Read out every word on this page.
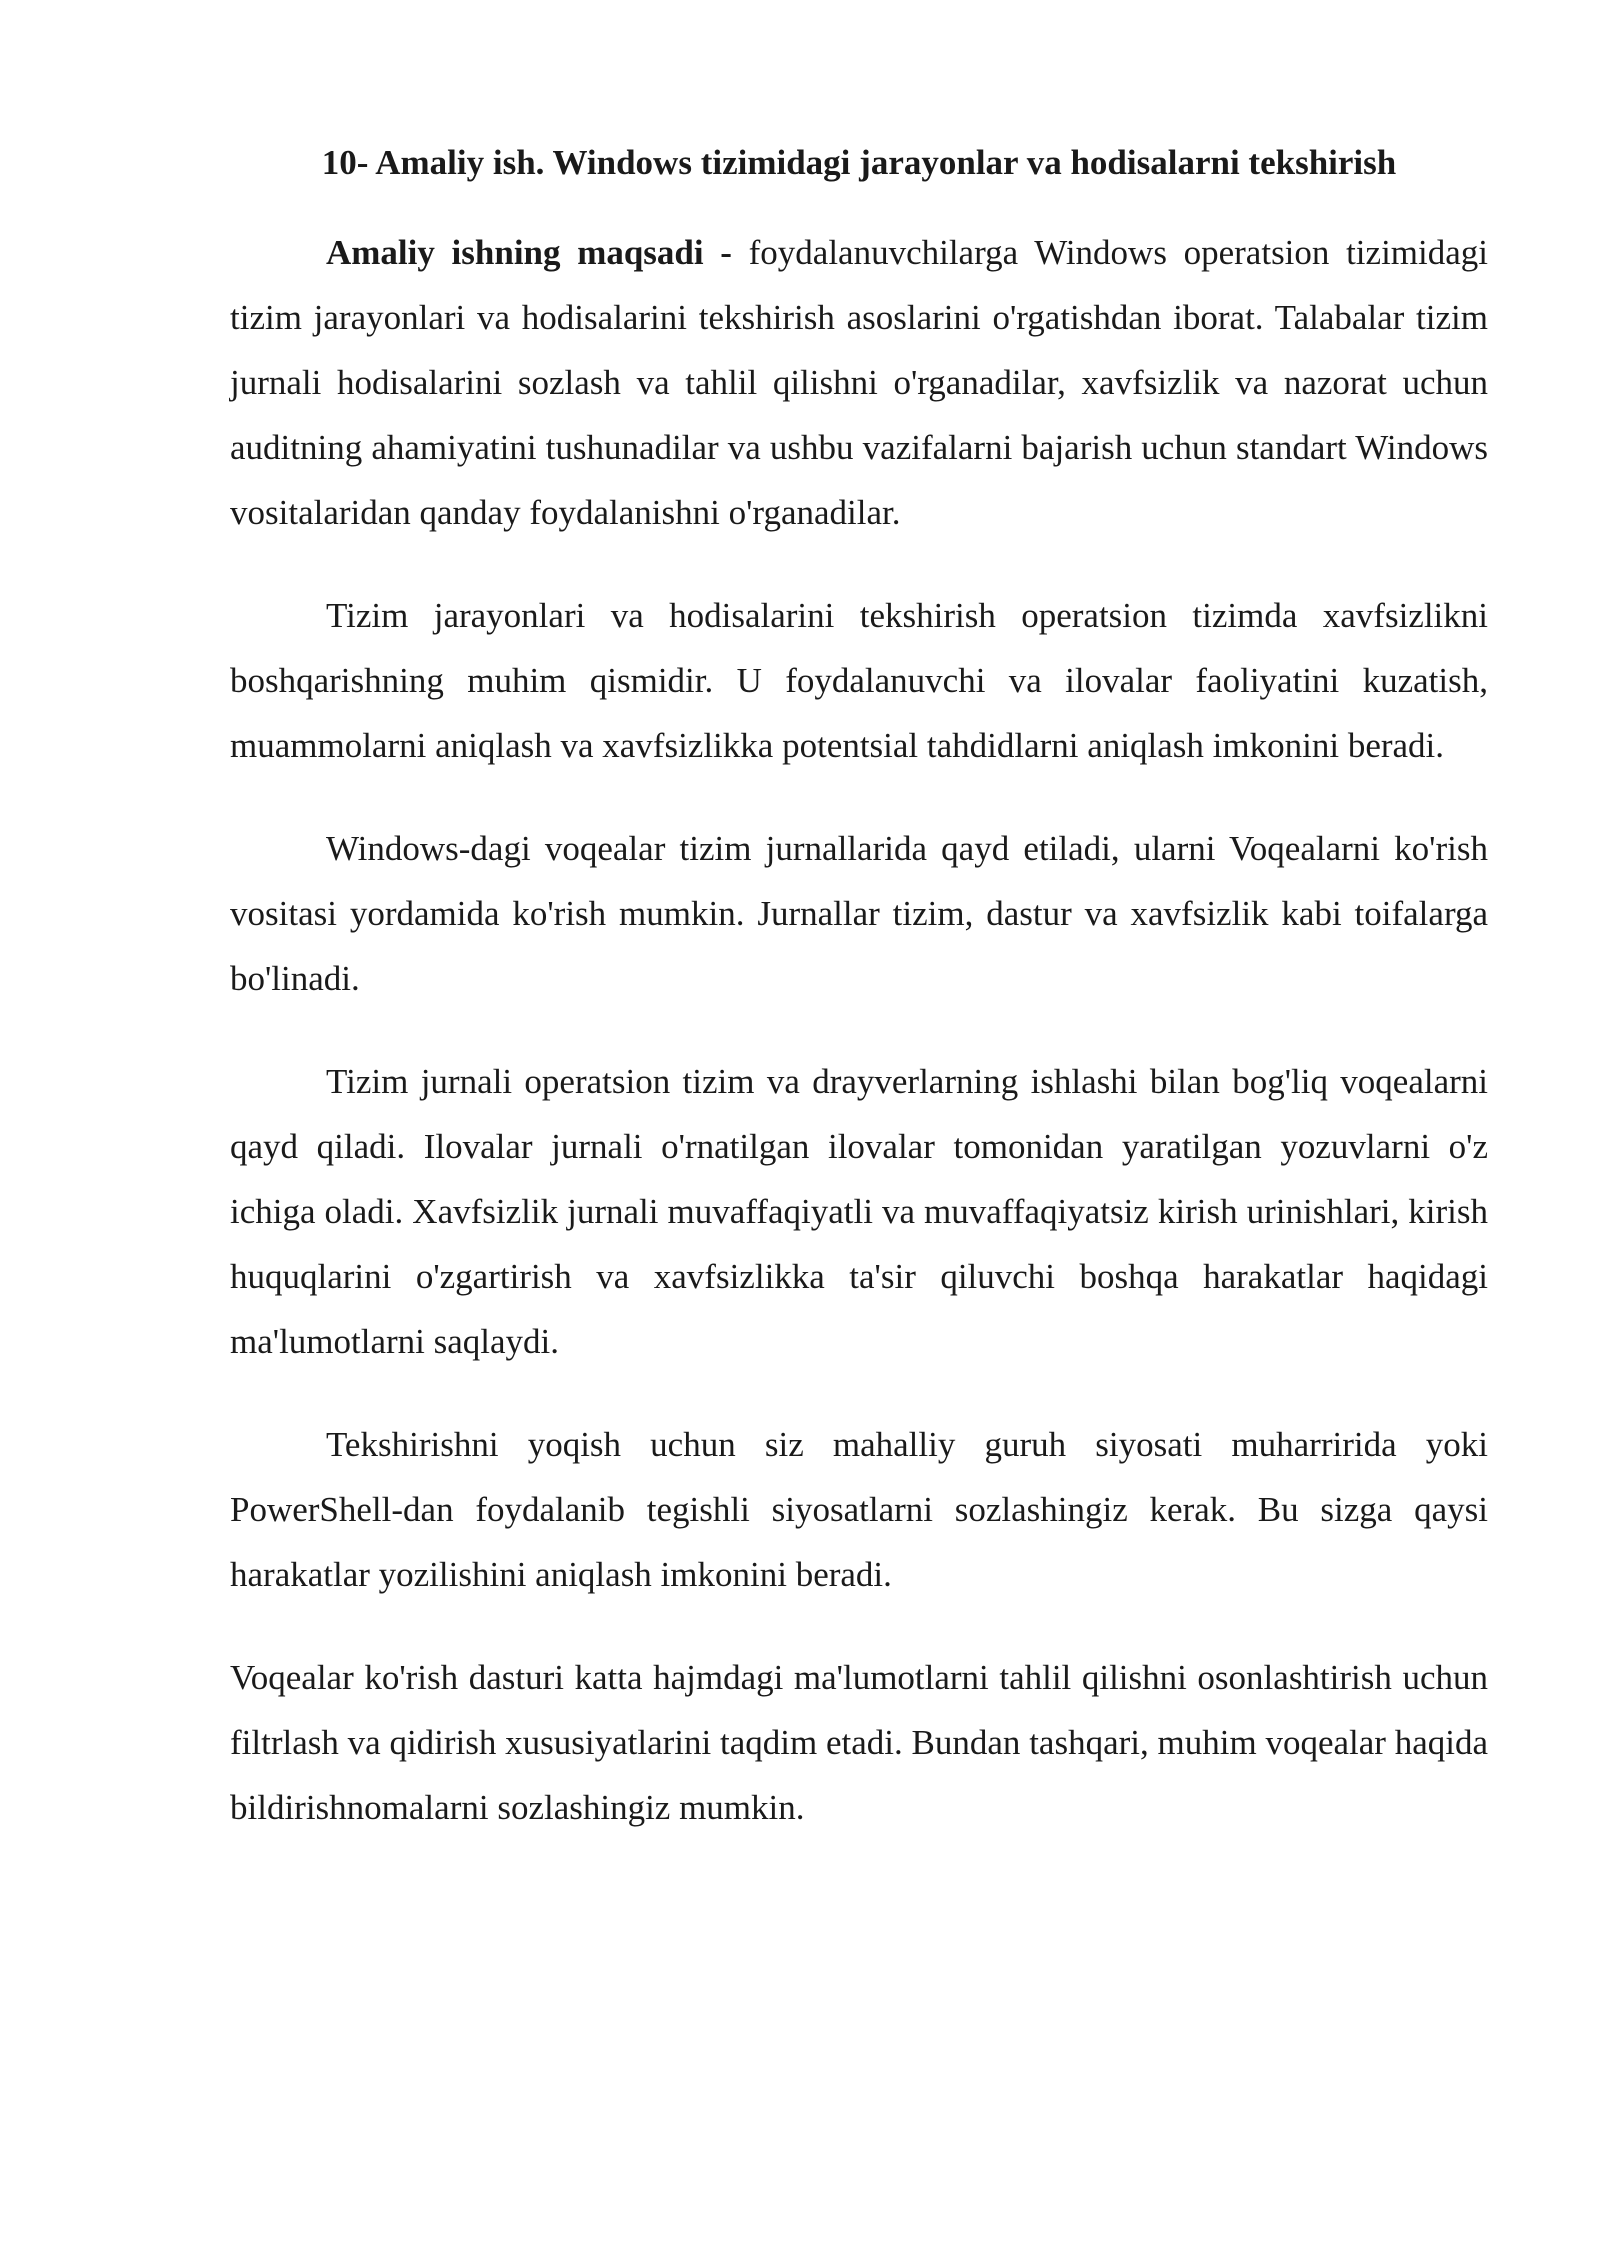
10- Amaliy ish. Windows tizimidagi jarayonlar va hodisalarni tekshirish

Amaliy ishning maqsadi - foydalanuvchilarga Windows operatsion tizimidagi tizim jarayonlari va hodisalarini tekshirish asoslarini o'rgatishdan iborat. Talabalar tizim jurnali hodisalarini sozlash va tahlil qilishni o'rganadilar, xavfsizlik va nazorat uchun auditning ahamiyatini tushunadilar va ushbu vazifalarni bajarish uchun standart Windows vositalaridan qanday foydalanishni o'rganadilar.

Tizim jarayonlari va hodisalarini tekshirish operatsion tizimda xavfsizlikni boshqarishning muhim qismidir. U foydalanuvchi va ilovalar faoliyatini kuzatish, muammolarni aniqlash va xavfsizlikka potentsial tahdidlarni aniqlash imkonini beradi.

Windows-dagi voqealar tizim jurnallarida qayd etiladi, ularni Voqealarni ko'rish vositasi yordamida ko'rish mumkin. Jurnallar tizim, dastur va xavfsizlik kabi toifalarga bo'linadi.

Tizim jurnali operatsion tizim va drayverlarning ishlashi bilan bog'liq voqealarni qayd qiladi. Ilovalar jurnali o'rnatilgan ilovalar tomonidan yaratilgan yozuvlarni o'z ichiga oladi. Xavfsizlik jurnali muvaffaqiyatli va muvaffaqiyatsiz kirish urinishlari, kirish huquqlarini o'zgartirish va xavfsizlikka ta'sir qiluvchi boshqa harakatlar haqidagi ma'lumotlarni saqlaydi.

Tekshirishni yoqish uchun siz mahalliy guruh siyosati muharririda yoki PowerShell-dan foydalanib tegishli siyosatlarni sozlashingiz kerak. Bu sizga qaysi harakatlar yozilishini aniqlash imkonini beradi.

Voqealar ko'rish dasturi katta hajmdagi ma'lumotlarni tahlil qilishni osonlashtirish uchun filtrlash va qidirish xususiyatlarini taqdim etadi. Bundan tashqari, muhim voqealar haqida bildirishnomalarni sozlashingiz mumkin.
